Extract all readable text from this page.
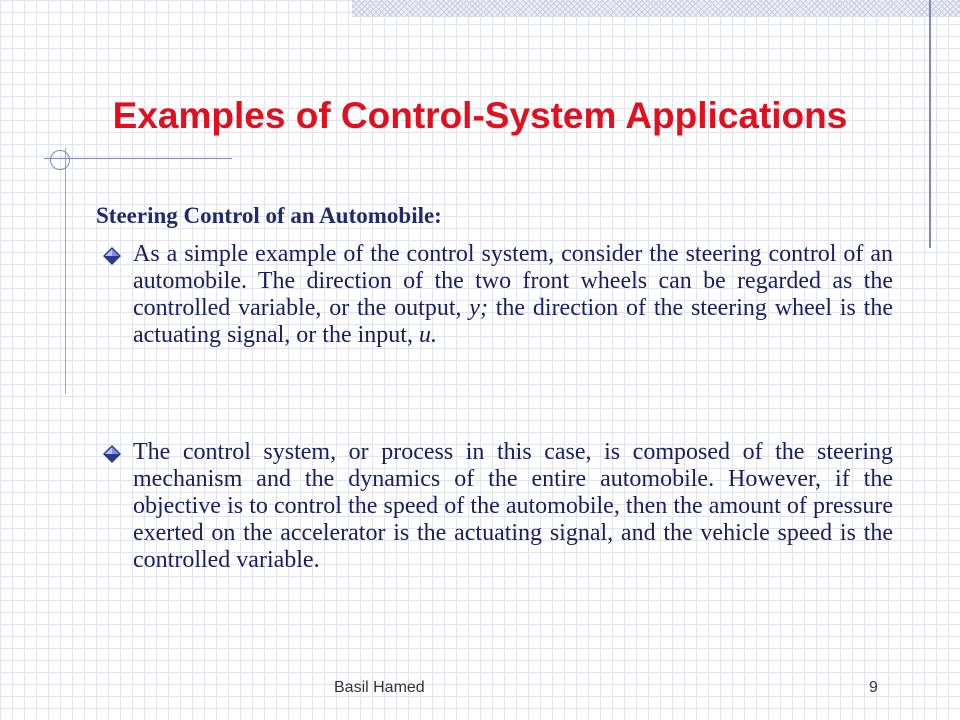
Examples of Control-System Applications
Steering Control of an Automobile:

As a simple example of the control system, consider the steering control of an automobile. The direction of the two front wheels can be regarded as the controlled variable, or the output, y; the direction of the steering wheel is the actuating signal, or the input, u.

The control system, or process in this case, is composed of the steering mechanism and the dynamics of the entire automobile. However, if the objective is to control the speed of the automobile, then the amount of pressure exerted on the accelerator is the actuating signal, and the vehicle speed is the controlled variable.

Basil Hamed	9
